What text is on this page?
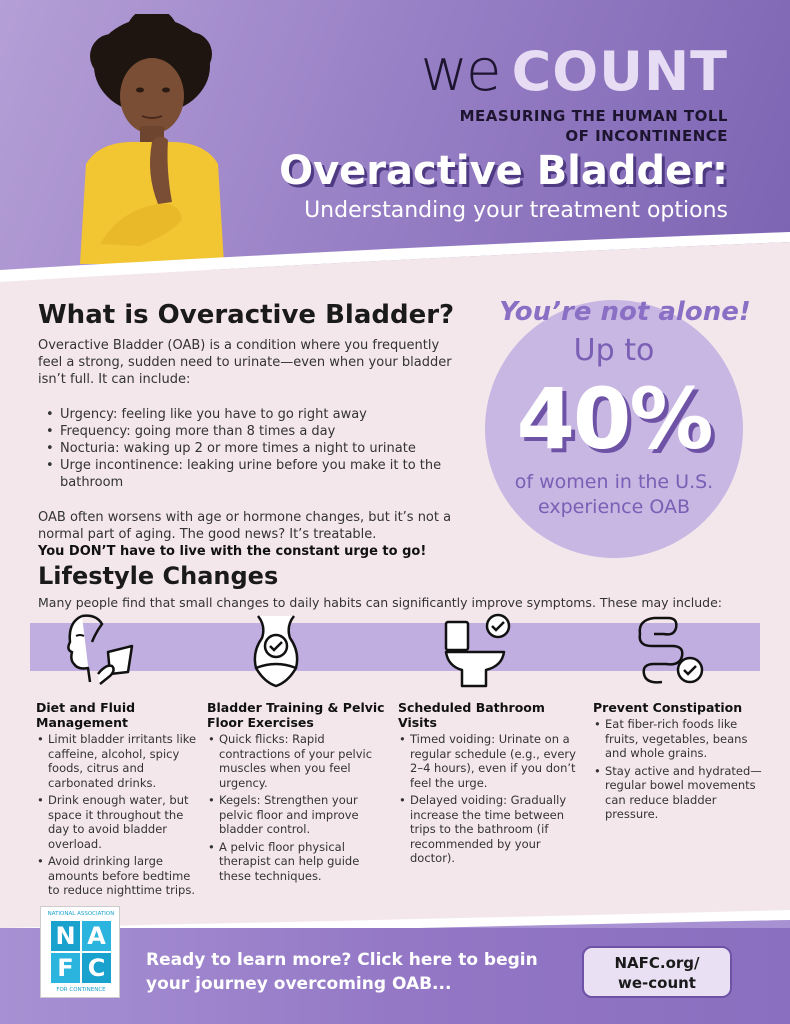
we COUNT
MEASURING THE HUMAN TOLL
OF INCONTINENCE
Overactive Bladder:
Understanding your treatment options
What is Overactive Bladder?

Overactive Bladder (OAB) is a condition where you frequently feel a strong, sudden need to urinate—even when your bladder isn’t full. It can include:

• Urgency: feeling like you have to go right away
• Frequency: going more than 8 times a day
• Nocturia: waking up 2 or more times a night to urinate
• Urge incontinence: leaking urine before you make it to the bathroom

OAB often worsens with age or hormone changes, but it’s not a normal part of aging. The good news? It’s treatable.

You DON’T have to live with the constant urge to go!

You’re not alone!
Up to
40%
of women in the U.S. experience OAB
Lifestyle Changes
Many people find that small changes to daily habits can significantly improve symptoms. These may include:
Diet and Fluid Management
• Limit bladder irritants like caffeine, alcohol, spicy foods, citrus and carbonated drinks.
• Drink enough water, but space it throughout the day to avoid bladder overload.
• Avoid drinking large amounts before bedtime to reduce nighttime trips.
Bladder Training & Pelvic Floor Exercises
• Quick flicks: Rapid contractions of your pelvic muscles when you feel urgency.
• Kegels: Strengthen your pelvic floor and improve bladder control.
• A pelvic floor physical therapist can help guide these techniques.
Scheduled Bathroom Visits
• Timed voiding: Urinate on a regular schedule (e.g., every 2–4 hours), even if you don’t feel the urge.
• Delayed voiding: Gradually increase the time between trips to the bathroom (if recommended by your doctor).
Prevent Constipation
• Eat fiber-rich foods like fruits, vegetables, beans and whole grains.
• Stay active and hydrated—regular bowel movements can reduce bladder pressure.
NATIONAL ASSOCIATION
N A
F C
FOR CONTINENCE
Ready to learn more? Click here to begin
your journey overcoming OAB...
NAFC.org/
we-count
